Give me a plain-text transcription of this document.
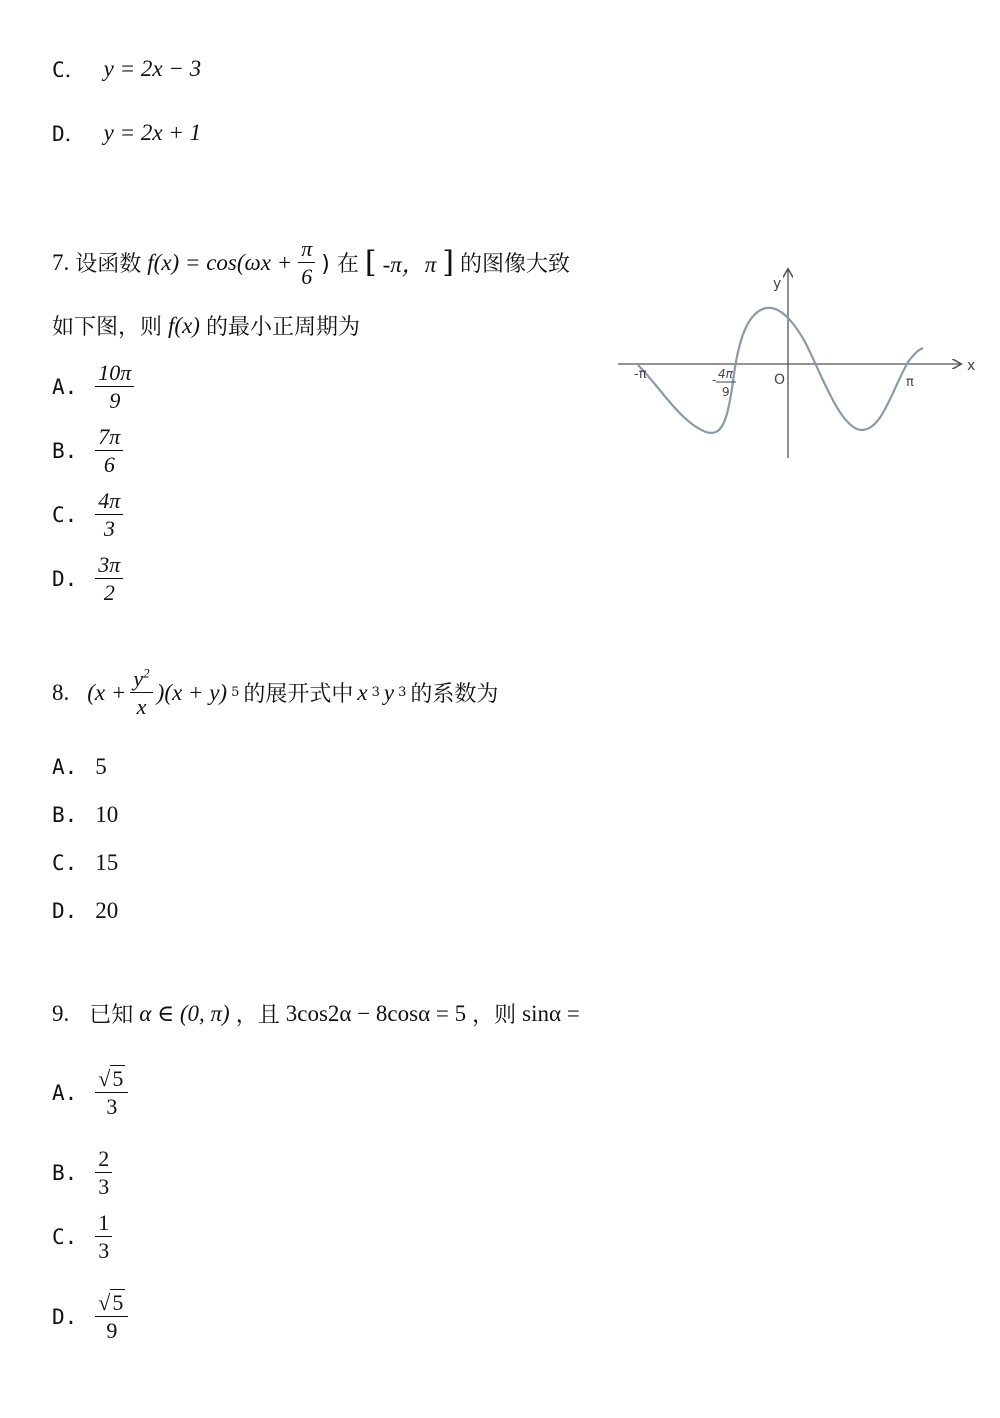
C． y = 2x − 3
D． y = 2x + 1
7. 设函数 $f(x) = \cos(\omega x + \frac{\pi}{6}$ ) 在 [ -π，π ] 的图像大致
如下图，则 f(x) 的最小正周期为
A. $\frac{10\pi}{9}$
B. $\frac{7\pi}{6}$
C. $\frac{4\pi}{3}$
D. $\frac{3\pi}{2}$
x
y
O
-π
π
- 4π
9
8. $(x + \frac{y^2}{x} )(x + y)$ 5 的展开式中 x 3 y 3 的系数为
A. 5
B. 10
C. 15
D. 20
9. 已知 α ∈ (0, π) ，且 3cos2α − 8cosα = 5 ，则 sinα =
A. $\frac{√5}{3}$
B. $\frac{2}{3}$
C. $\frac{1}{3}$
D. $\frac{√5}{9}$
